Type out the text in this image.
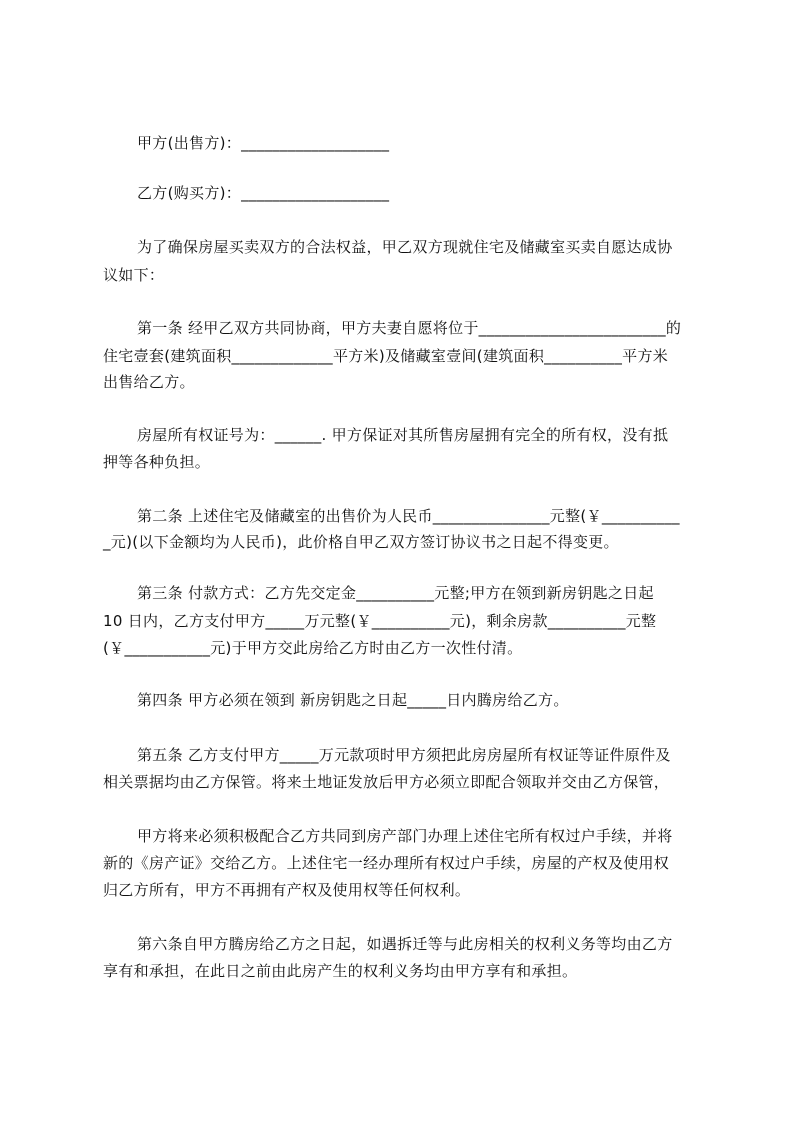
甲方(出售方)：___________________
乙方(购买方)：___________________
为了确保房屋买卖双方的合法权益，甲乙双方现就住宅及储藏室买卖自愿达成协
议如下：
第一条 经甲乙双方共同协商，甲方夫妻自愿将位于________________________的
住宅壹套(建筑面积_____________平方米)及储藏室壹间(建筑面积__________平方米
出售给乙方。
房屋所有权证号为：______. 甲方保证对其所售房屋拥有完全的所有权，没有抵
押等各种负担。
第二条 上述住宅及储藏室的出售价为人民币_______________元整(￥__________
_元)(以下金额均为人民币)，此价格自甲乙双方签订协议书之日起不得变更。
第三条 付款方式：乙方先交定金__________元整;甲方在领到新房钥匙之日起
10 日内，乙方支付甲方_____万元整(￥__________元)，剩余房款__________元整
(￥___________元)于甲方交此房给乙方时由乙方一次性付清。
第四条 甲方必须在领到 新房钥匙之日起_____日内腾房给乙方。
第五条 乙方支付甲方_____万元款项时甲方须把此房房屋所有权证等证件原件及
相关票据均由乙方保管。将来土地证发放后甲方必须立即配合领取并交由乙方保管，
甲方将来必须积极配合乙方共同到房产部门办理上述住宅所有权过户手续，并将
新的《房产证》交给乙方。上述住宅一经办理所有权过户手续，房屋的产权及使用权
归乙方所有，甲方不再拥有产权及使用权等任何权利。
第六条自甲方腾房给乙方之日起，如遇拆迁等与此房相关的权利义务等均由乙方
享有和承担，在此日之前由此房产生的权利义务均由甲方享有和承担。
